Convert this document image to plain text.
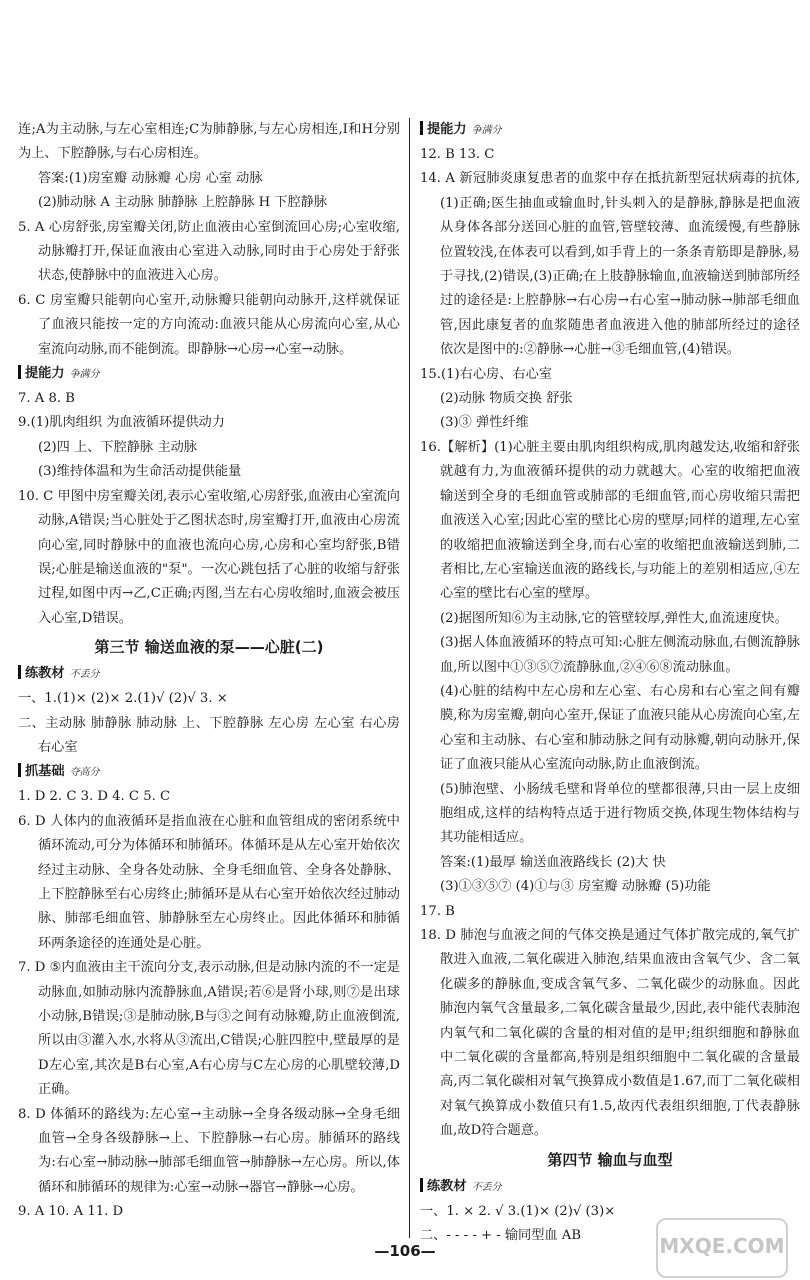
连;A为主动脉,与左心室相连;C为肺静脉,与左心房相连,I和H分别为上、下腔静脉,与右心房相连。

答案:(1)房室瓣 动脉瓣 心房 心室 动脉

(2)肺动脉 A 主动脉 肺静脉 上腔静脉 H 下腔静脉

5. A 心房舒张,房室瓣关闭,防止血液由心室倒流回心房;心室收缩,动脉瓣打开,保证血液由心室进入动脉,同时由于心房处于舒张状态,使静脉中的血液进入心房。

6. C 房室瓣只能朝向心室开,动脉瓣只能朝向动脉开,这样就保证了血液只能按一定的方向流动:血液只能从心房流向心室,从心室流向动脉,而不能倒流。即静脉→心房→心室→动脉。

提能力 争满分

7. A 8. B

9.(1)肌肉组织 为血液循环提供动力

(2)四 上、下腔静脉 主动脉

(3)维持体温和为生命活动提供能量

10. C 甲图中房室瓣关闭,表示心室收缩,心房舒张,血液由心室流向动脉,A错误;当心脏处于乙图状态时,房室瓣打开,血液由心房流向心室,同时静脉中的血液也流向心房,心房和心室均舒张,B错误;心脏是输送血液的"泵"。一次心跳包括了心脏的收缩与舒张过程,如图中丙→乙,C正确;丙图,当左右心房收缩时,血液会被压入心室,D错误。

第三节 输送血液的泵——心脏(二)
练教材 不丢分

一、1.(1)× (2)× 2.(1)√ (2)√ 3. ×

二、主动脉 肺静脉 肺动脉 上、下腔静脉 左心房 左心室 右心房 右心室

抓基础 夺高分

1. D 2. C 3. D 4. C 5. C

6. D 人体内的血液循环是指血液在心脏和血管组成的密闭系统中循环流动,可分为体循环和肺循环。体循环是从左心室开始依次经过主动脉、全身各处动脉、全身毛细血管、全身各处静脉、上下腔静脉至右心房终止;肺循环是从右心室开始依次经过肺动脉、肺部毛细血管、肺静脉至左心房终止。因此体循环和肺循环两条途径的连通处是心脏。

7. D ⑤内血液由主干流向分支,表示动脉,但是动脉内流的不一定是动脉血,如肺动脉内流静脉血,A错误;若⑥是肾小球,则⑦是出球小动脉,B错误;③是肺动脉,B与③之间有动脉瓣,防止血液倒流,所以由③灌入水,水将从③流出,C错误;心脏四腔中,壁最厚的是D左心室,其次是B右心室,A右心房与C左心房的心肌壁较薄,D正确。

8. D 体循环的路线为:左心室→主动脉→全身各级动脉→全身毛细血管→全身各级静脉→上、下腔静脉→右心房。肺循环的路线为:右心室→肺动脉→肺部毛细血管→肺静脉→左心房。所以,体循环和肺循环的规律为:心室→动脉→器官→静脉→心房。

9. A 10. A 11. D

提能力 争满分

12. B 13. C

14. A 新冠肺炎康复患者的血浆中存在抵抗新型冠状病毒的抗体,(1)正确;医生抽血或输血时,针头刺入的是静脉,静脉是把血液从身体各部分送回心脏的血管,管壁较薄、血流缓慢,有些静脉位置较浅,在体表可以看到,如手背上的一条条青筋即是静脉,易于寻找,(2)错误,(3)正确;在上肢静脉输血,血液输送到肺部所经过的途径是:上腔静脉→右心房→右心室→肺动脉→肺部毛细血管,因此康复者的血浆随患者血液进入他的肺部所经过的途径依次是图中的:②静脉→心脏→③毛细血管,(4)错误。

15.(1)右心房、右心室

(2)动脉 物质交换 舒张

(3)③ 弹性纤维

16.【解析】(1)心脏主要由肌肉组织构成,肌肉越发达,收缩和舒张就越有力,为血液循环提供的动力就越大。心室的收缩把血液输送到全身的毛细血管或肺部的毛细血管,而心房收缩只需把血液送入心室;因此心室的壁比心房的壁厚;同样的道理,左心室的收缩把血液输送到全身,而右心室的收缩把血液输送到肺,二者相比,左心室输送血液的路线长,与功能上的差别相适应,④左心室的壁比右心室的壁厚。

(2)据图所知⑥为主动脉,它的管壁较厚,弹性大,血流速度快。

(3)据人体血液循环的特点可知:心脏左侧流动脉血,右侧流静脉血,所以图中①③⑤⑦流静脉血,②④⑥⑧流动脉血。

(4)心脏的结构中左心房和左心室、右心房和右心室之间有瓣膜,称为房室瓣,朝向心室开,保证了血液只能从心房流向心室,左心室和主动脉、右心室和肺动脉之间有动脉瓣,朝向动脉开,保证了血液只能从心室流向动脉,防止血液倒流。

(5)肺泡壁、小肠绒毛壁和肾单位的壁都很薄,只由一层上皮细胞组成,这样的结构特点适于进行物质交换,体现生物体结构与其功能相适应。

答案:(1)最厚 输送血液路线长 (2)大 快

(3)①③⑤⑦ (4)①与③ 房室瓣 动脉瓣 (5)功能

17. B

18. D 肺泡与血液之间的气体交换是通过气体扩散完成的,氧气扩散进入血液,二氧化碳进入肺泡,结果血液由含氧气少、含二氧化碳多的静脉血,变成含氧气多、二氧化碳少的动脉血。因此肺泡内氧气含量最多,二氧化碳含量最少,因此,表中能代表肺泡内氧气和二氧化碳的含量的相对值的是甲;组织细胞和静脉血中二氧化碳的含量都高,特别是组织细胞中二氧化碳的含量最高,丙二氧化碳相对氧气换算成小数值是1.67,而丁二氧化碳相对氧气换算成小数值只有1.5,故丙代表组织细胞,丁代表静脉血,故D符合题意。

第四节 输血与血型
练教材 不丢分

一、1. × 2. √ 3.(1)× (2)√ (3)×

二、- - - - + - 输同型血 AB

—106—	MXQE.COM
